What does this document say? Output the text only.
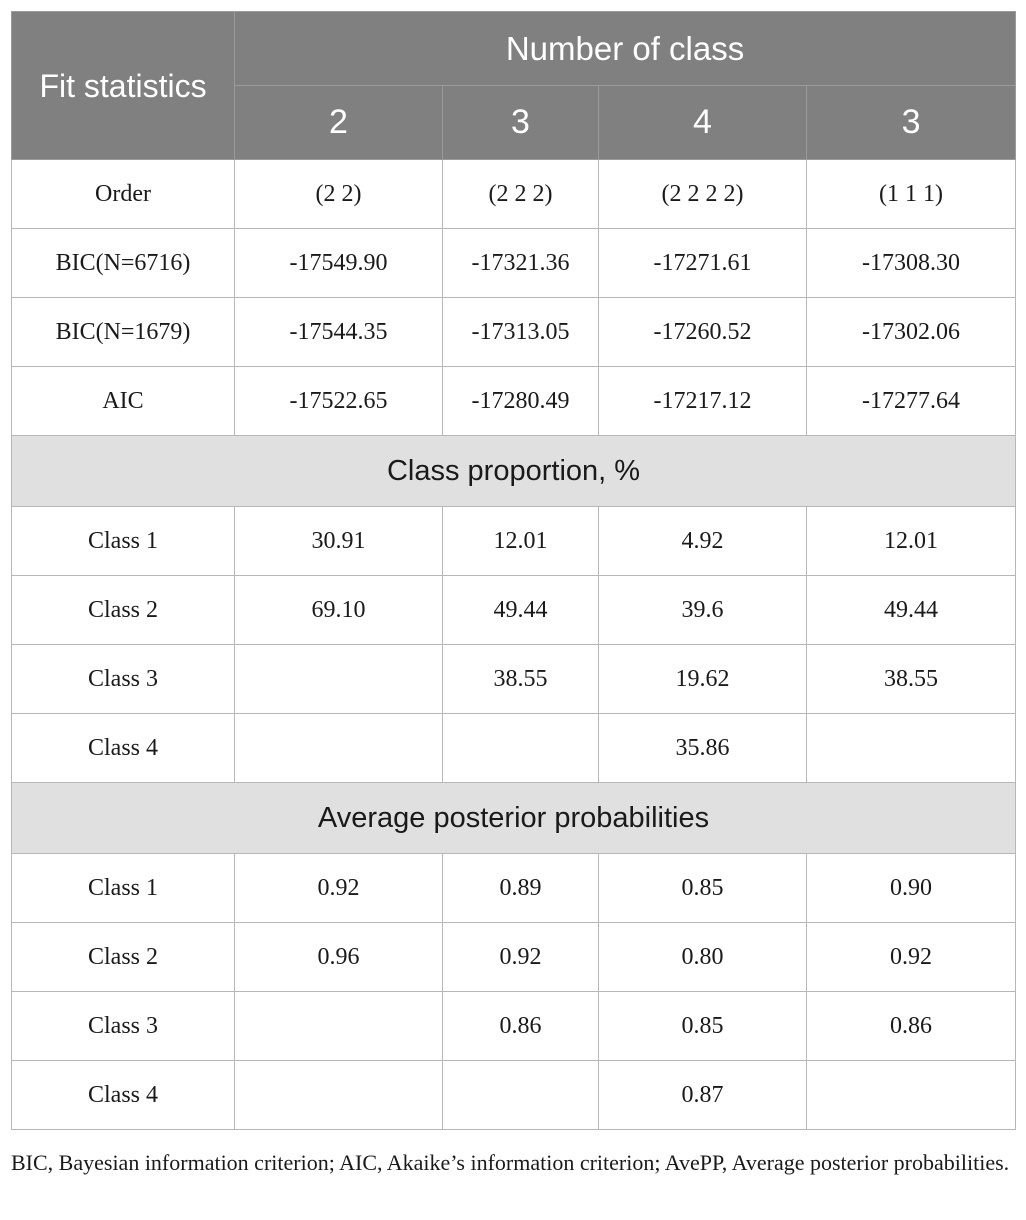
Fit statistics	Number of class			
	2	3	4	3
Order	(2 2)	(2 2 2)	(2 2 2 2)	(1 1 1)
BIC(N=6716)	-17549.90	-17321.36	-17271.61	-17308.30
BIC(N=1679)	-17544.35	-17313.05	-17260.52	-17302.06
AIC	-17522.65	-17280.49	-17217.12	-17277.64
Class proportion, %				
Class 1	30.91	12.01	4.92	12.01
Class 2	69.10	49.44	39.6	49.44
Class 3		38.55	19.62	38.55
Class 4			35.86	
Average posterior probabilities				
Class 1	0.92	0.89	0.85	0.90
Class 2	0.96	0.92	0.80	0.92
Class 3		0.86	0.85	0.86
Class 4			0.87	
BIC, Bayesian information criterion; AIC, Akaike’s information criterion; AvePP, Average posterior probabilities.
